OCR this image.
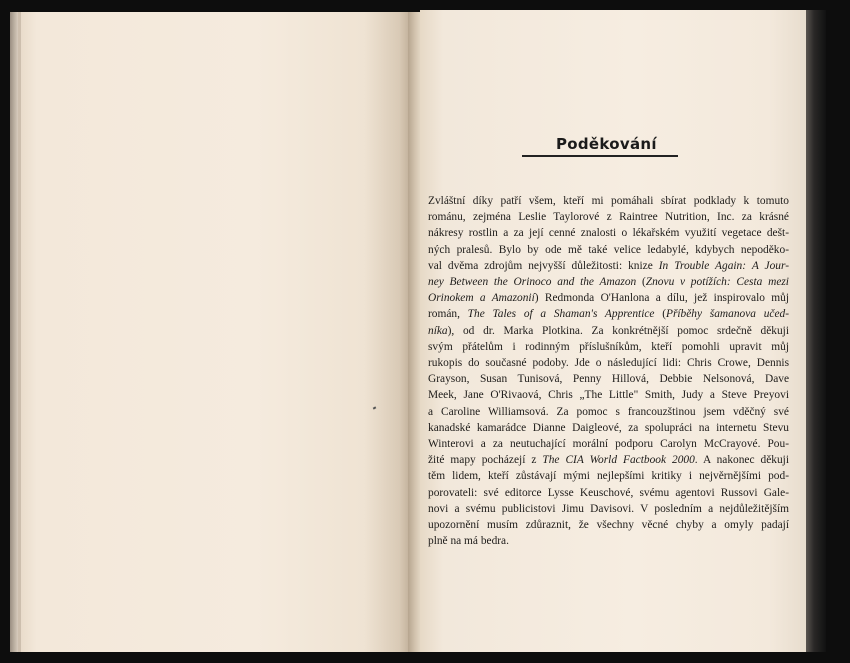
Poděkování
Zvláštní díky patří všem, kteří mi pomáhali sbírat podklady k tomuto
románu, zejména Leslie Taylorové z Raintree Nutrition, Inc. za krásné
nákresy rostlin a za její cenné znalosti o lékařském využití vegetace dešt-
ných pralesů. Bylo by ode mě také velice ledabylé, kdybych nepoděko-
val dvěma zdrojům nejvyšší důležitosti: knize In Trouble Again: A Jour-
ney Between the Orinoco and the Amazon (Znovu v potížích: Cesta mezi
Orinokem a Amazonií) Redmonda O'Hanlona a dílu, jež inspirovalo můj
román, The Tales of a Shaman's Apprentice (Příběhy šamanova učed-
níka), od dr. Marka Plotkina. Za konkrétnější pomoc srdečně děkuji
svým přátelům i rodinným příslušníkům, kteří pomohli upravit můj
rukopis do současné podoby. Jde o následující lidi: Chris Crowe, Dennis
Grayson, Susan Tunisová, Penny Hillová, Debbie Nelsonová, Dave
Meek, Jane O'Rivaová, Chris „The Little" Smith, Judy a Steve Preyovi
a Caroline Williamsová. Za pomoc s francouzštinou jsem vděčný své
kanadské kamarádce Dianne Daigleové, za spolupráci na internetu Stevu
Winterovi a za neutuchající morální podporu Carolyn McCrayové. Pou-
žité mapy pocházejí z The CIA World Factbook 2000. A nakonec děkuji
těm lidem, kteří zůstávají mými nejlepšími kritiky i nejvěrnějšími pod-
porovateli: své editorce Lysse Keuschové, svému agentovi Russovi Gale-
novi a svému publicistovi Jimu Davisovi. V posledním a nejdůležitějším
upozornění musím zdůraznit, že všechny věcné chyby a omyly padají
plně na má bedra.
